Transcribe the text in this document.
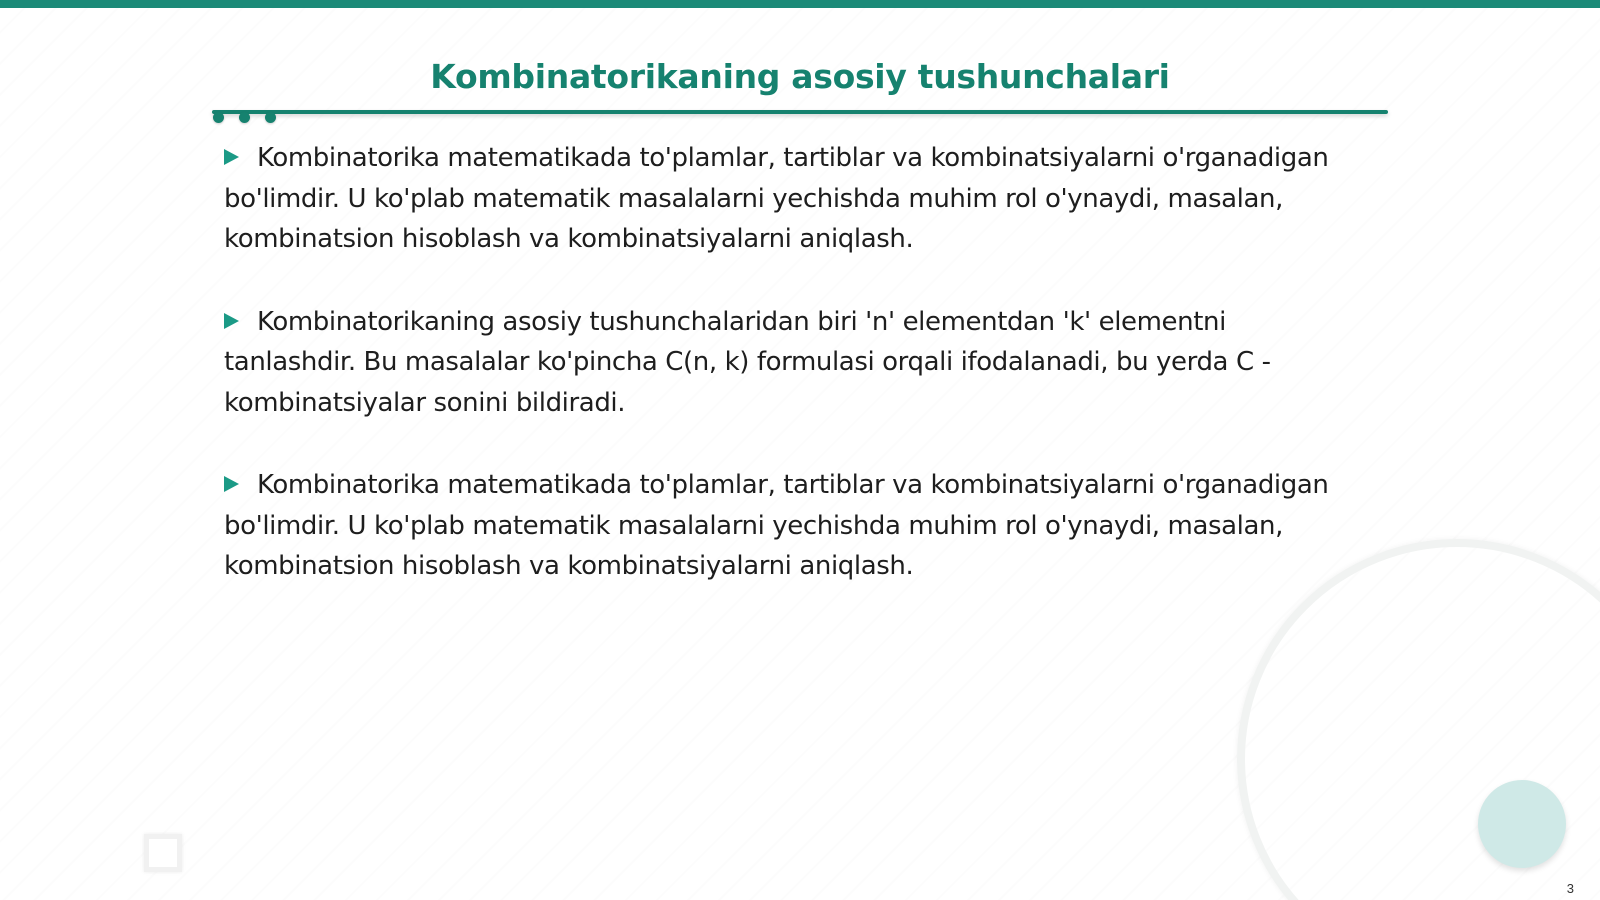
Kombinatorikaning asosiy tushunchalari
Kombinatorika matematikada to'plamlar, tartiblar va kombinatsiyalarni o'rganadigan bo'limdir. U ko'plab matematik masalalarni yechishda muhim rol o'ynaydi, masalan, kombinatsion hisoblash va kombinatsiyalarni aniqlash.
Kombinatorikaning asosiy tushunchalaridan biri 'n' elementdan 'k' elementni tanlashdir. Bu masalalar ko'pincha C(n, k) formulasi orqali ifodalanadi, bu yerda C - kombinatsiyalar sonini bildiradi.
Kombinatorika matematikada to'plamlar, tartiblar va kombinatsiyalarni o'rganadigan bo'limdir. U ko'plab matematik masalalarni yechishda muhim rol o'ynaydi, masalan, kombinatsion hisoblash va kombinatsiyalarni aniqlash.
3
